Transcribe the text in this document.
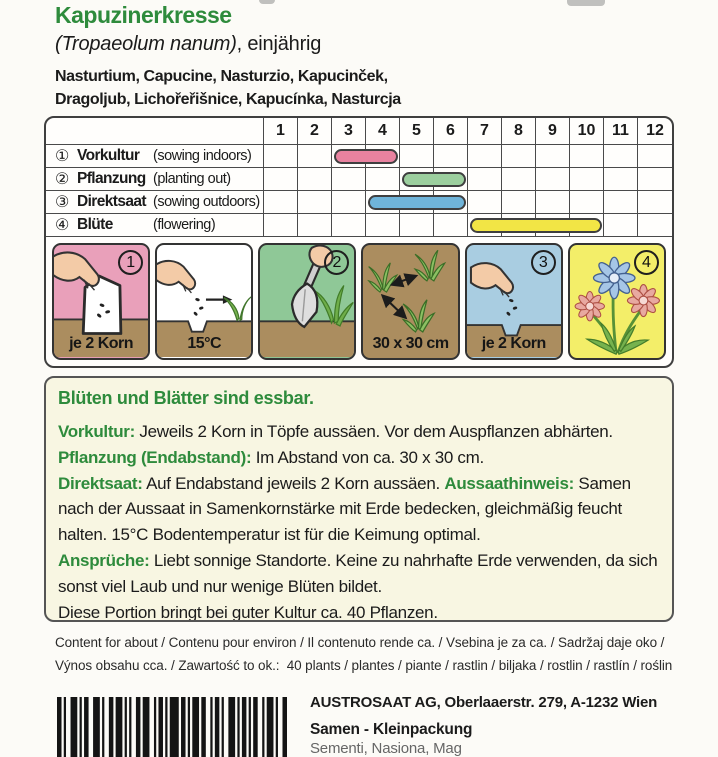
Kapuzinerkresse
(Tropaeolum nanum), einjährig
Nasturtium, Capucine, Nasturzio, Kapucinček,
Dragoljub, Lichořeřišnice, Kapucínka, Nasturcja
1	2	3	4	5	6	7	8	9	10	11	12
① Vorkultur (sowing indoors)
② Pflanzung (planting out)
③ Direktsaat (sowing outdoors)
④ Blüte	(flowering)
1
je 2 Korn	15°C
2
30 x 30 cm
3
je 2 Korn
4
Blüten und Blätter sind essbar.

Vorkultur: Jeweils 2 Korn in Töpfe aussäen. Vor dem Auspflanzen abhärten.

Pflanzung (Endabstand): Im Abstand von ca. 30 x 30 cm.

Direktsaat: Auf Endabstand jeweils 2 Korn aussäen. Aussaathinweis: Samen nach der Aussaat in Samenkornstärke mit Erde bedecken, gleichmäßig feucht halten. 15°C Bodentemperatur ist für die Keimung optimal.

Ansprüche: Liebt sonnige Standorte. Keine zu nahrhafte Erde verwenden, da sich sonst viel Laub und nur wenige Blüten bildet.

Diese Portion bringt bei guter Kultur ca. 40 Pflanzen.

Content for about / Contenu pour environ / Il contenuto rende ca. / Vsebina je za ca. / Sadržaj daje oko /
Výnos obsahu cca. / Zawartość to ok.:  40 plants / plantes / piante / rastlin / biljaka / rostlin / rastlín / roślin
AUSTROSAAT AG, Oberlaaerstr. 279, A-1232 Wien
Samen - Kleinpackung
Sementi, Nasiona, Mag
